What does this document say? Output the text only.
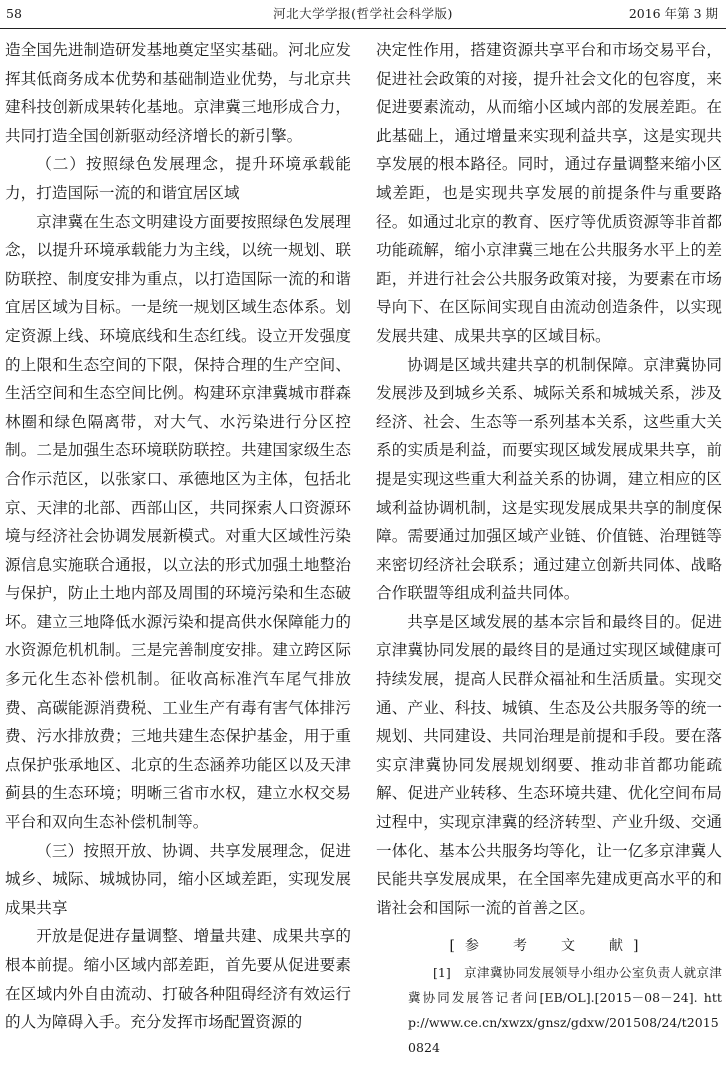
58	河北大学学报(哲学社会科学版)	2016 年第 3 期

造全国先进制造研发基地奠定坚实基础。河北应发挥其低商务成本优势和基础制造业优势，与北京共建科技创新成果转化基地。京津冀三地形成合力，共同打造全国创新驱动经济增长的新引擎。

（二）按照绿色发展理念，提升环境承载能力，打造国际一流的和谐宜居区域

京津冀在生态文明建设方面要按照绿色发展理念，以提升环境承载能力为主线，以统一规划、联防联控、制度安排为重点，以打造国际一流的和谐宜居区域为目标。一是统一规划区域生态体系。划定资源上线、环境底线和生态红线。设立开发强度的上限和生态空间的下限，保持合理的生产空间、生活空间和生态空间比例。构建环京津冀城市群森林圈和绿色隔离带，对大气、水污染进行分区控制。二是加强生态环境联防联控。共建国家级生态合作示范区，以张家口、承德地区为主体，包括北京、天津的北部、西部山区，共同探索人口资源环境与经济社会协调发展新模式。对重大区域性污染源信息实施联合通报，以立法的形式加强土地整治与保护，防止土地内部及周围的环境污染和生态破坏。建立三地降低水源污染和提高供水保障能力的水资源危机机制。三是完善制度安排。建立跨区际多元化生态补偿机制。征收高标准汽车尾气排放费、高碳能源消费税、工业生产有毒有害气体排污费、污水排放费；三地共建生态保护基金，用于重点保护张承地区、北京的生态涵养功能区以及天津蓟县的生态环境；明晰三省市水权，建立水权交易平台和双向生态补偿机制等。

（三）按照开放、协调、共享发展理念，促进城乡、城际、城城协同，缩小区域差距，实现发展成果共享

开放是促进存量调整、增量共建、成果共享的根本前提。缩小区域内部差距，首先要从促进要素在区域内外自由流动、打破各种阻碍经济有效运行的人为障碍入手。充分发挥市场配置资源的

决定性作用，搭建资源共享平台和市场交易平台，促进社会政策的对接，提升社会文化的包容度，来促进要素流动，从而缩小区域内部的发展差距。在此基础上，通过增量来实现利益共享，这是实现共享发展的根本路径。同时，通过存量调整来缩小区域差距，也是实现共享发展的前提条件与重要路径。如通过北京的教育、医疗等优质资源等非首都功能疏解，缩小京津冀三地在公共服务水平上的差距，并进行社会公共服务政策对接，为要素在市场导向下、在区际间实现自由流动创造条件，以实现发展共建、成果共享的区域目标。

协调是区域共建共享的机制保障。京津冀协同发展涉及到城乡关系、城际关系和城城关系，涉及经济、社会、生态等一系列基本关系，这些重大关系的实质是利益，而要实现区域发展成果共享，前提是实现这些重大利益关系的协调，建立相应的区域利益协调机制，这是实现发展成果共享的制度保障。需要通过加强区域产业链、价值链、治理链等来密切经济社会联系；通过建立创新共同体、战略合作联盟等组成利益共同体。

共享是区域发展的基本宗旨和最终目的。促进京津冀协同发展的最终目的是通过实现区域健康可持续发展，提高人民群众福祉和生活质量。实现交通、产业、科技、城镇、生态及公共服务等的统一规划、共同建设、共同治理是前提和手段。要在落实京津冀协同发展规划纲要、推动非首都功能疏解、促进产业转移、生态环境共建、优化空间布局过程中，实现京津冀的经济转型、产业升级、交通一体化、基本公共服务均等化，让一亿多京津冀人民能共享发展成果，在全国率先建成更高水平的和谐社会和国际一流的首善之区。

[参　考　文　献]

[1]　京津冀协同发展领导小组办公室负责人就京津冀协同发展答记者问[EB/OL].[2015－08－24]. http://www.ce.cn/xwzx/gnsz/gdxw/201508/24/t20150824
